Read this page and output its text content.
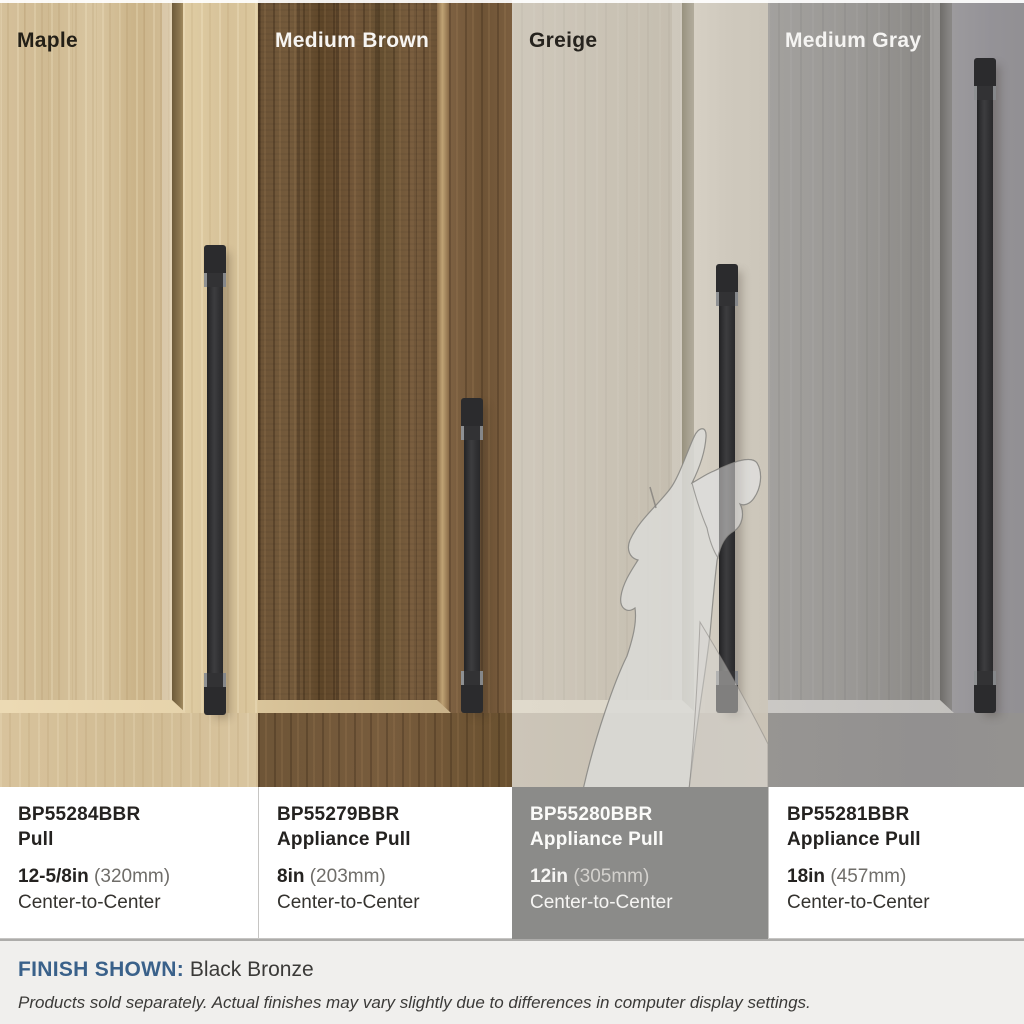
Maple	Medium Brown	Greige	Medium Gray
BP55284BBR
Pull
12-5/8in (320mm)
Center-to-Center
BP55279BBR
Appliance Pull
8in (203mm)
Center-to-Center
BP55280BBR
Appliance Pull
12in (305mm)
Center-to-Center
BP55281BBR
Appliance Pull
18in (457mm)
Center-to-Center
FINISH SHOWN: Black Bronze
Products sold separately. Actual finishes may vary slightly due to differences in computer display settings.
